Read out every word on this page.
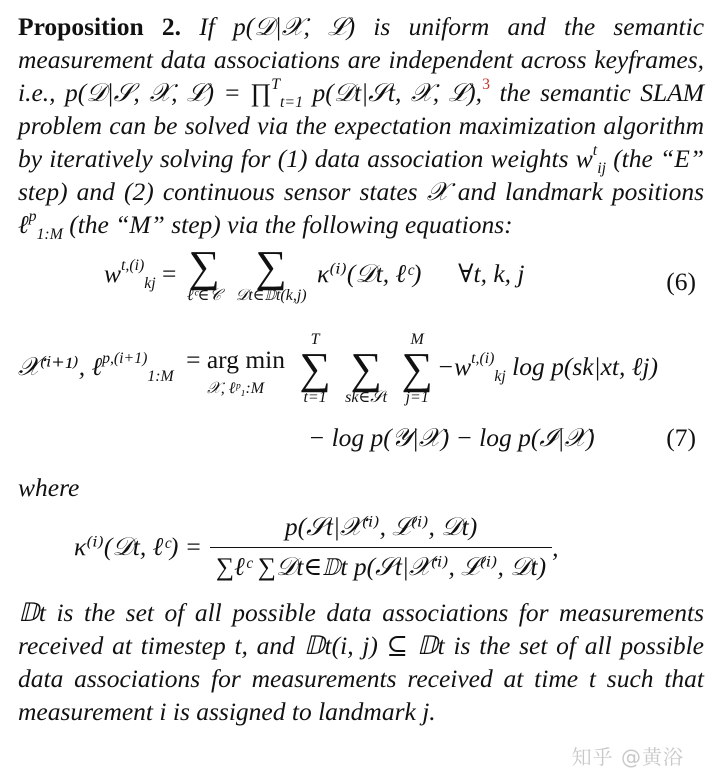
Proposition 2. If p(𝒟|𝒳, ℒ) is uniform and the semantic measurement data associations are independent across keyframes, i.e., p(𝒟|𝒮, 𝒳, ℒ) = ∏$^T_{t=1}$ p(𝒟t|𝒮t, 𝒳, ℒ),$^3$ the semantic SLAM problem can be solved via the expectation maximization algorithm by iteratively solving for (1) data association weights $w^t_{ij}$ (the “E” step) and (2) continuous sensor states 𝒳 and landmark positions ℓ$^p_{1:M}$ (the “M” step) via the following equations:

$w^{t,(i)}_{kj}$ = ∑
ℓᶜ∈𝒞

∑
𝒟t∈𝔻t(k,j)
κ⁽ⁱ⁾(𝒟t, ℓᶜ) ∀t, k, j	(6)
𝒳⁽ⁱ⁺¹⁾, ℓ$^{p,(i+1)}_{1:M}$
= arg min
𝒳, ℓᵖ₁:M

T
∑
t=1

∑
sk∈𝒮t

M
∑
j=1
$-w^{t,(i)}_{kj}$ log p(sk|xt, ℓj)
− log p(𝒴|𝒳) − log p(ℐ|𝒳)	(7)

where

κ⁽ⁱ⁾(𝒟t, ℓᶜ) = $\frac{\text{p(𝒮t|𝒳⁽ⁱ⁾, ℒ⁽ⁱ⁾, 𝒟t)}}{\text{∑ℓᶜ ∑𝒟t∈𝔻t p(𝒮t|𝒳⁽ⁱ⁾, ℒ⁽ⁱ⁾, 𝒟t)}}$ ,

𝔻t is the set of all possible data associations for measurements received at timestep t, and 𝔻t(i, j) ⊆ 𝔻t is the set of all possible data associations for measurements received at time t such that measurement i is assigned to landmark j.

知乎 @黄浴
